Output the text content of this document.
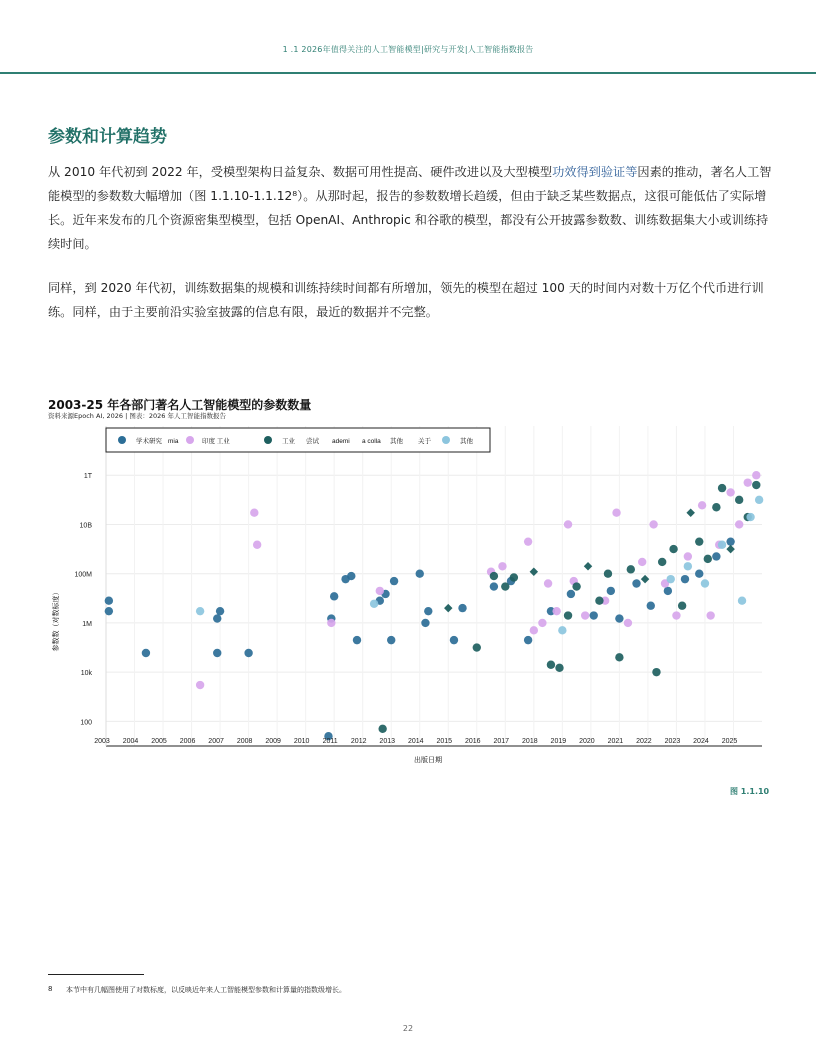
1 .1 2026年值得关注的人工智能模型|研究与开发|人工智能指数报告
参数和计算趋势
从 2010 年代初到 2022 年，受模型架构日益复杂、数据可用性提高、硬件改进以及大型模型功效得到验证等因素的推动，著名人工智能模型的参数数大幅增加（图 1.1.10-1.1.12⁸）。从那时起，报告的参数数增长趋缓，但由于缺乏某些数据点，这很可能低估了实际增长。近年来发布的几个资源密集型模型，包括 OpenAI、Anthropic 和谷歌的模型，都没有公开披露参数数、训练数据集大小或训练持续时间。
同样，到 2020 年代初，训练数据集的规模和训练持续时间都有所增加，领先的模型在超过 100 天的时间内对数十万亿个代币进行训练。同样，由于主要前沿实验室披露的信息有限，最近的数据并不完整。
2003-25 年各部门著名人工智能模型的参数数量
资料来源Epoch AI, 2026 | 图表：2026 年人工智能指数报告
1T
10B
100M
1M
10k
100
2003 2004 2005 2006 2007 2008 2009 2010 2011 2012 2013 2014 2015 2016 2017 2018 2019 2020 2021 2022 2023 2024 2025
学术研究 mia	印度 工业	工业 尝试 ademi a colla 其他 关于	其他
参数数（对数标度）
出版日期
图 1.1.10
8 本节中有几幅图使用了对数标度，以反映近年来人工智能模型参数和计算量的指数级增长。
22
